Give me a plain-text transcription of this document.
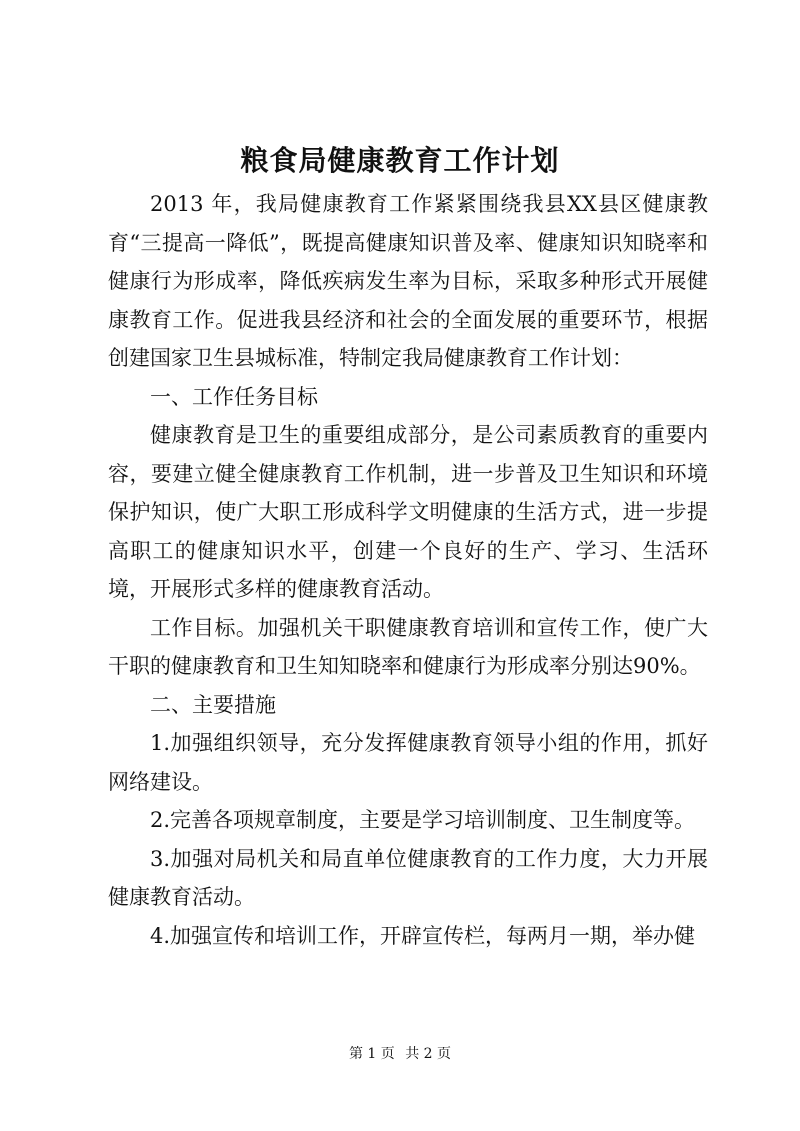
粮食局健康教育工作计划

2013 年，我局健康教育工作紧紧围绕我县XX县区健康教育“三提高一降低”，既提高健康知识普及率、健康知识知晓率和健康行为形成率，降低疾病发生率为目标，采取多种形式开展健康教育工作。促进我县经济和社会的全面发展的重要环节，根据创建国家卫生县城标准，特制定我局健康教育工作计划：

一、工作任务目标

健康教育是卫生的重要组成部分，是公司素质教育的重要内容，要建立健全健康教育工作机制，进一步普及卫生知识和环境保护知识，使广大职工形成科学文明健康的生活方式，进一步提高职工的健康知识水平，创建一个良好的生产、学习、生活环境，开展形式多样的健康教育活动。

工作目标。加强机关干职健康教育培训和宣传工作，使广大干职的健康教育和卫生知知晓率和健康行为形成率分别达90%。

二、主要措施

1.加强组织领导，充分发挥健康教育领导小组的作用，抓好网络建设。

2.完善各项规章制度，主要是学习培训制度、卫生制度等。

3.加强对局机关和局直单位健康教育的工作力度，大力开展健康教育活动。

4.加强宣传和培训工作，开辟宣传栏，每两月一期，举办健

第 1 页 共 2 页
